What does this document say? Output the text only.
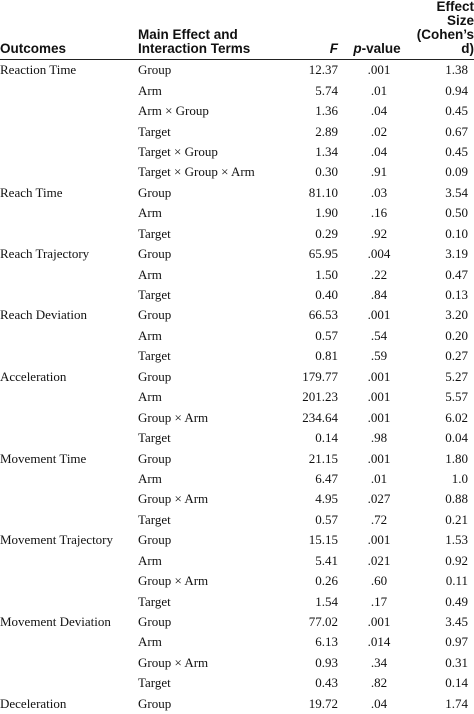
Outcomes	Main Effect and
Interaction Terms	F	p-value	Effect Size
(Cohen’s d)
Reaction Time	Group	12.37	.001	1.38
	Arm	5.74	.01	0.94
	Arm × Group	1.36	.04	0.45
	Target	2.89	.02	0.67
	Target × Group	1.34	.04	0.45
	Target × Group × Arm	0.30	.91	0.09
Reach Time	Group	81.10	.03	3.54
	Arm	1.90	.16	0.50
	Target	0.29	.92	0.10
Reach Trajectory	Group	65.95	.004	3.19
	Arm	1.50	.22	0.47
	Target	0.40	.84	0.13
Reach Deviation	Group	66.53	.001	3.20
	Arm	0.57	.54	0.20
	Target	0.81	.59	0.27
Acceleration	Group	179.77	.001	5.27
	Arm	201.23	.001	5.57
	Group × Arm	234.64	.001	6.02
	Target	0.14	.98	0.04
Movement Time	Group	21.15	.001	1.80
	Arm	6.47	.01	1.0
	Group × Arm	4.95	.027	0.88
	Target	0.57	.72	0.21
Movement Trajectory	Group	15.15	.001	1.53
	Arm	5.41	.021	0.92
	Group × Arm	0.26	.60	0.11
	Target	1.54	.17	0.49
Movement Deviation	Group	77.02	.001	3.45
	Arm	6.13	.014	0.97
	Group × Arm	0.93	.34	0.31
	Target	0.43	.82	0.14
Deceleration	Group	19.72	.04	1.74
